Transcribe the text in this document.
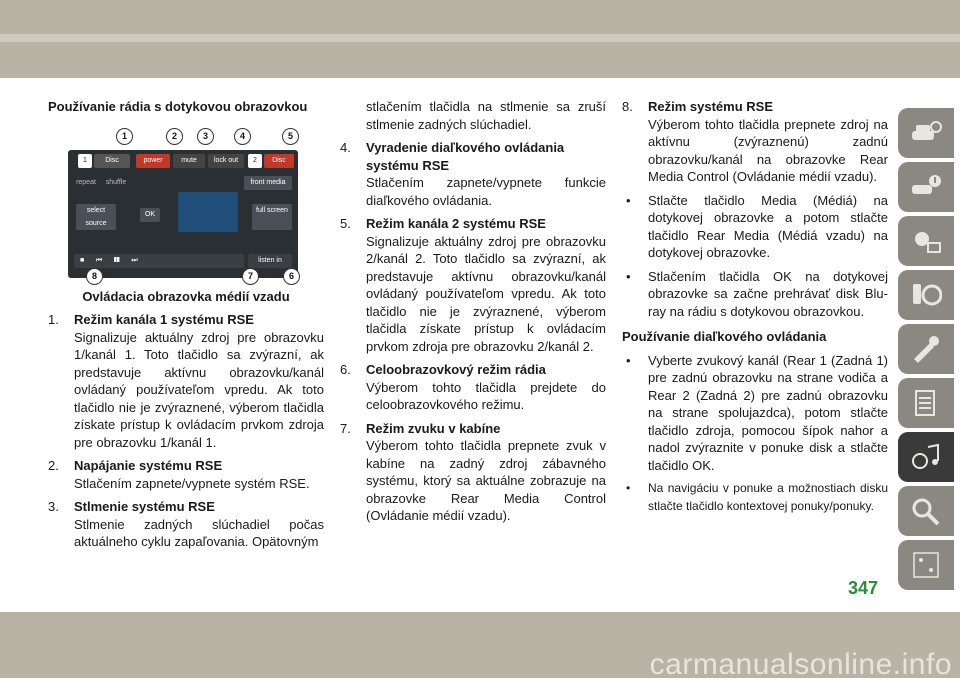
Používanie rádia s dotykovou obrazovkou

1	2	3	4	5
1	Disc	power	mute	lock out	2	Disc
repeat	shuffle	front media
select source
OK
full screen
■      ⏮      ❚❚      ⏭	listen in
8	7	6

Ovládacia obrazovka médií vzadu

1.	Režim kanála 1 systému RSE

Signalizuje aktuálny zdroj pre obrazovku 1/kanál 1. Toto tlačidlo sa zvýrazní, ak predstavuje aktívnu obrazovku/kanál ovládaný používateľom vpredu. Ak toto tlačidlo nie je zvýraznené, výberom tlačidla získate prístup k ovládacím prvkom zdroja pre obrazovku 1/kanál 1.

2.	Napájanie systému RSE

Stlačením zapnete/vypnete systém RSE.

3.	Stlmenie systému RSE

Stlmenie zadných slúchadiel počas aktuálneho cyklu zapaľovania. Opätovným

stlačením tlačidla na stlmenie sa zruší stlmenie zadných slúchadiel.

4.	Vyradenie diaľkového ovládania systému RSE

Stlačením zapnete/vypnete funkcie diaľkového ovládania.

5.	Režim kanála 2 systému RSE

Signalizuje aktuálny zdroj pre obrazovku 2/kanál 2. Toto tlačidlo sa zvýrazní, ak predstavuje aktívnu obrazovku/kanál ovládaný používateľom vpredu. Ak toto tlačidlo nie je zvýraznené, výberom tlačidla získate prístup k ovládacím prvkom zdroja pre obrazovku 2/kanál 2.

6.	Celoobrazovkový režim rádia

Výberom tohto tlačidla prejdete do celoobrazovkového režimu.

7.	Režim zvuku v kabíne

Výberom tohto tlačidla prepnete zvuk v kabíne na zadný zdroj zábavného systému, ktorý sa aktuálne zobrazuje na obrazovke Rear Media Control (Ovládanie médií vzadu).

8.	Režim systému RSE

Výberom tohto tlačidla prepnete zdroj na aktívnu (zvýraznenú) zadnú obrazovku/kanál na obrazovke Rear Media Control (Ovládanie médií vzadu).

•	Stlačte tlačidlo Media (Médiá) na dotykovej obrazovke a potom stlačte tlačidlo Rear Media (Médiá vzadu) na dotykovej obrazovke.
•	Stlačením tlačidla OK na dotykovej obrazovke sa začne prehrávať disk Blu-ray na rádiu s dotykovou obrazovkou.

Používanie diaľkového ovládania

•	Vyberte zvukový kanál (Rear 1 (Zadná 1) pre zadnú obrazovku na strane vodiča a Rear 2 (Zadná 2) pre zadnú obrazovku na strane spolujazdca), potom stlačte tlačidlo zdroja, pomocou šípok nahor a nadol zvýraznite v ponuke disk a stlačte tlačidlo OK.
•	Na navigáciu v ponuke a možnostiach disku stlačte tlačidlo kontextovej ponuky/ponuky.
347
carmanualsonline.info
